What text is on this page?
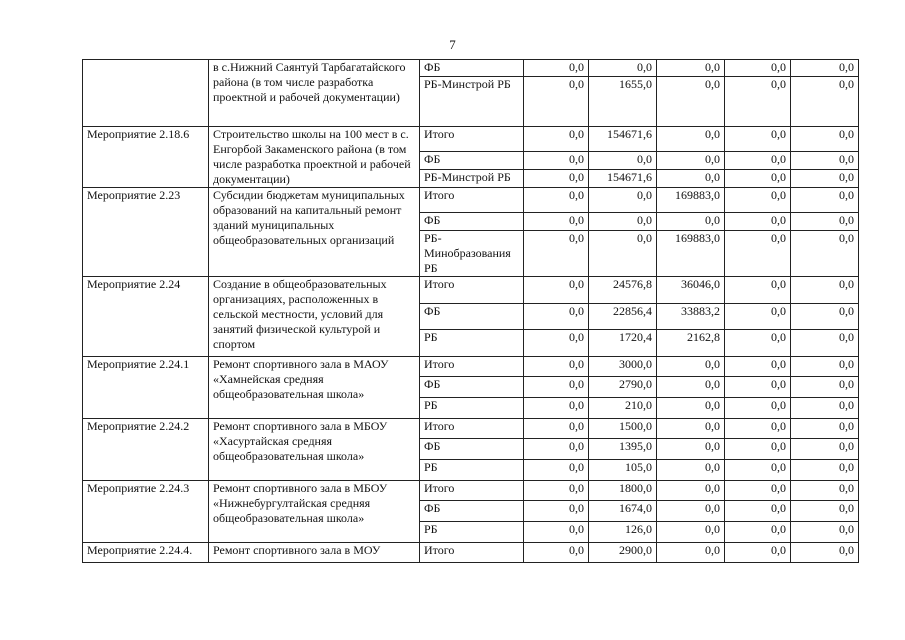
7
	в с.Нижний Саянтуй Тарбагатайского района (в том числе разработка проектной и рабочей документации)	ФБ	0,0	0,0	0,0	0,0	0,0
		РБ-Минстрой РБ	0,0	1655,0	0,0	0,0	0,0
Мероприятие 2.18.6	Строительство школы на 100 мест в с. Енгорбой Закаменского района (в том числе разработка проектной и рабочей документации)	Итого	0,0	154671,6	0,0	0,0	0,0
		ФБ	0,0	0,0	0,0	0,0	0,0
		РБ-Минстрой РБ	0,0	154671,6	0,0	0,0	0,0
Мероприятие 2.23	Субсидии бюджетам муниципальных образований на капитальный ремонт зданий муниципальных общеобразовательных организаций	Итого	0,0	0,0	169883,0	0,0	0,0
		ФБ	0,0	0,0	0,0	0,0	0,0
		РБ-Минобразования РБ	0,0	0,0	169883,0	0,0	0,0
Мероприятие 2.24	Создание в общеобразовательных организациях, расположенных в сельской местности, условий для занятий физической культурой и спортом	Итого	0,0	24576,8	36046,0	0,0	0,0
		ФБ	0,0	22856,4	33883,2	0,0	0,0
		РБ	0,0	1720,4	2162,8	0,0	0,0
Мероприятие 2.24.1	Ремонт спортивного зала в МАОУ «Хамнейская средняя общеобразовательная школа»	Итого	0,0	3000,0	0,0	0,0	0,0
		ФБ	0,0	2790,0	0,0	0,0	0,0
		РБ	0,0	210,0	0,0	0,0	0,0
Мероприятие 2.24.2	Ремонт спортивного зала в МБОУ «Хасуртайская средняя общеобразовательная школа»	Итого	0,0	1500,0	0,0	0,0	0,0
		ФБ	0,0	1395,0	0,0	0,0	0,0
		РБ	0,0	105,0	0,0	0,0	0,0
Мероприятие 2.24.3	Ремонт спортивного зала в МБОУ «Нижнебургултайская средняя общеобразовательная школа»	Итого	0,0	1800,0	0,0	0,0	0,0
		ФБ	0,0	1674,0	0,0	0,0	0,0
		РБ	0,0	126,0	0,0	0,0	0,0
Мероприятие 2.24.4.	Ремонт спортивного зала в МОУ	Итого	0,0	2900,0	0,0	0,0	0,0
